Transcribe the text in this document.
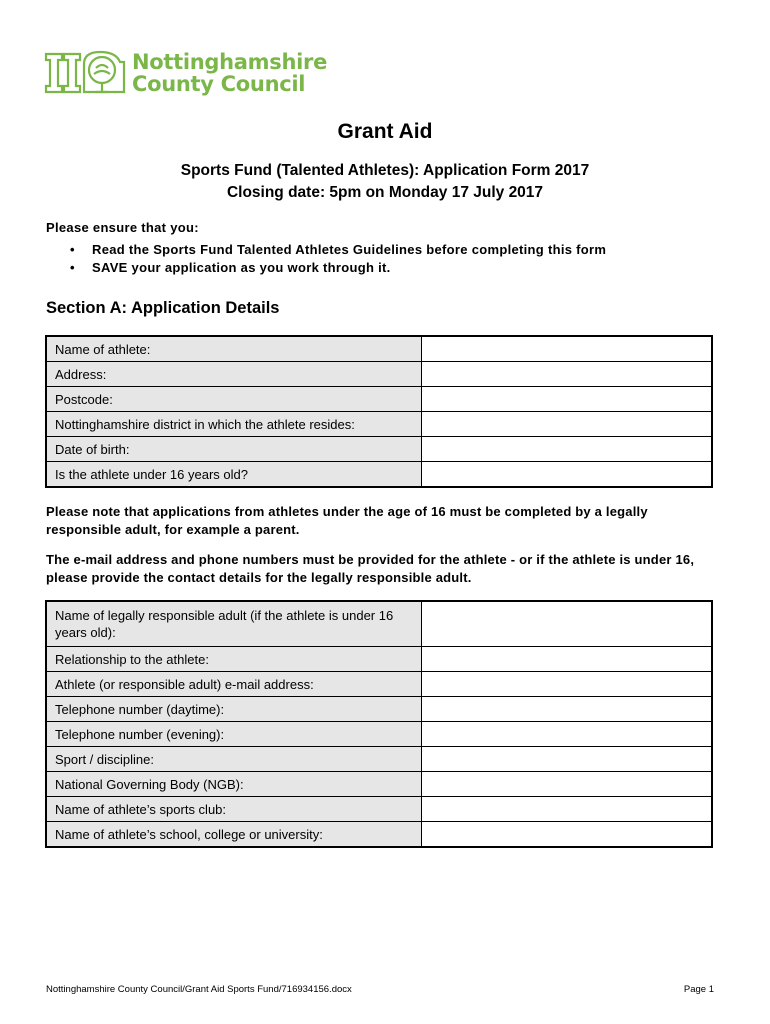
Nottinghamshire
County Council
Grant Aid
Sports Fund (Talented Athletes): Application Form 2017
Closing date: 5pm on Monday 17 July 2017
Please ensure that you:
• Read the Sports Fund Talented Athletes Guidelines before completing this form
• SAVE your application as you work through it.
Section A: Application Details
Name of athlete:	
Address:	
Postcode:	
Nottinghamshire district in which the athlete resides:	
Date of birth:	
Is the athlete under 16 years old?	
Please note that applications from athletes under the age of 16 must be completed by a legally responsible adult, for example a parent.
The e-mail address and phone numbers must be provided for the athlete - or if the athlete is under 16, please provide the contact details for the legally responsible adult.
Name of legally responsible adult (if the athlete is under 16 years old):	
Relationship to the athlete:	
Athlete (or responsible adult) e-mail address:	
Telephone number (daytime):	
Telephone number (evening):	
Sport / discipline:	
National Governing Body (NGB):	
Name of athlete’s sports club:	
Name of athlete’s school, college or university:	
Nottinghamshire County Council/Grant Aid Sports Fund/716934156.docx	Page 1
